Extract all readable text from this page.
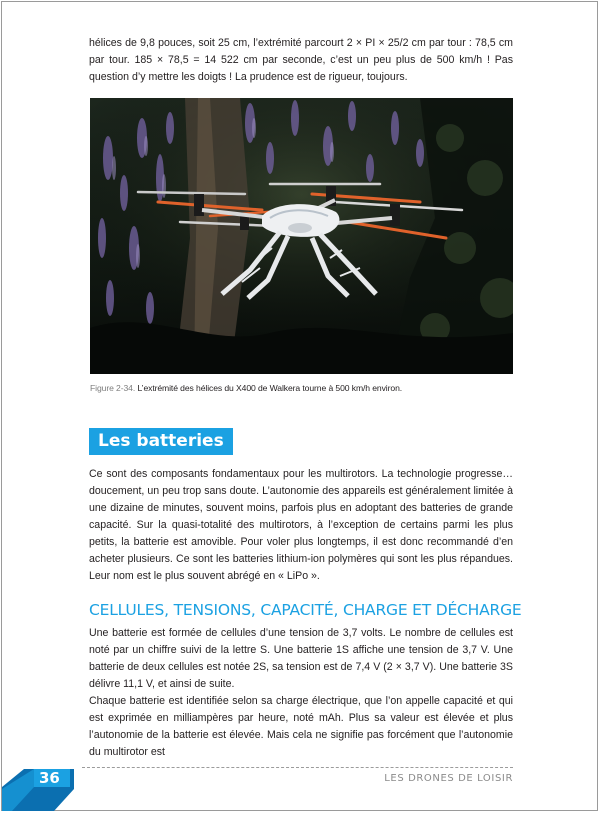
hélices de 9,8 pouces, soit 25 cm, l’extrémité parcourt 2 × PI × 25/2 cm par tour : 78,5 cm par tour. 185 × 78,5 = 14 522 cm par seconde, c’est un peu plus de 500 km/h ! Pas question d’y mettre les doigts ! La prudence est de rigueur, toujours.

Figure 2-34. L’extrémité des hélices du X400 de Walkera tourne à 500 km/h environ.
Les batteries

Ce sont des composants fondamentaux pour les multirotors. La technologie progresse… doucement, un peu trop sans doute. L’autonomie des appareils est généralement limitée à une dizaine de minutes, souvent moins, parfois plus en adoptant des batteries de grande capacité. Sur la quasi-totalité des multirotors, à l’exception de certains parmi les plus petits, la batterie est amovible. Pour voler plus longtemps, il est donc recommandé d’en acheter plusieurs. Ce sont les batteries lithium-ion polymères qui sont les plus répandues. Leur nom est le plus souvent abrégé en « LiPo ».

CELLULES, TENSIONS, CAPACITÉ, CHARGE ET DÉCHARGE

Une batterie est formée de cellules d’une tension de 3,7 volts. Le nombre de cellules est noté par un chiffre suivi de la lettre S. Une batterie 1S affiche une tension de 3,7 V. Une batterie de deux cellules est notée 2S, sa tension est de 7,4 V (2 × 3,7 V). Une batterie 3S délivre 11,1 V, et ainsi de suite.

Chaque batterie est identifiée selon sa charge électrique, que l’on appelle capacité et qui est exprimée en milliampères par heure, noté mAh. Plus sa valeur est élevée et plus l’autonomie de la batterie est élevée. Mais cela ne signifie pas forcément que l’autonomie du multirotor est

36	LES DRONES DE LOISIR
